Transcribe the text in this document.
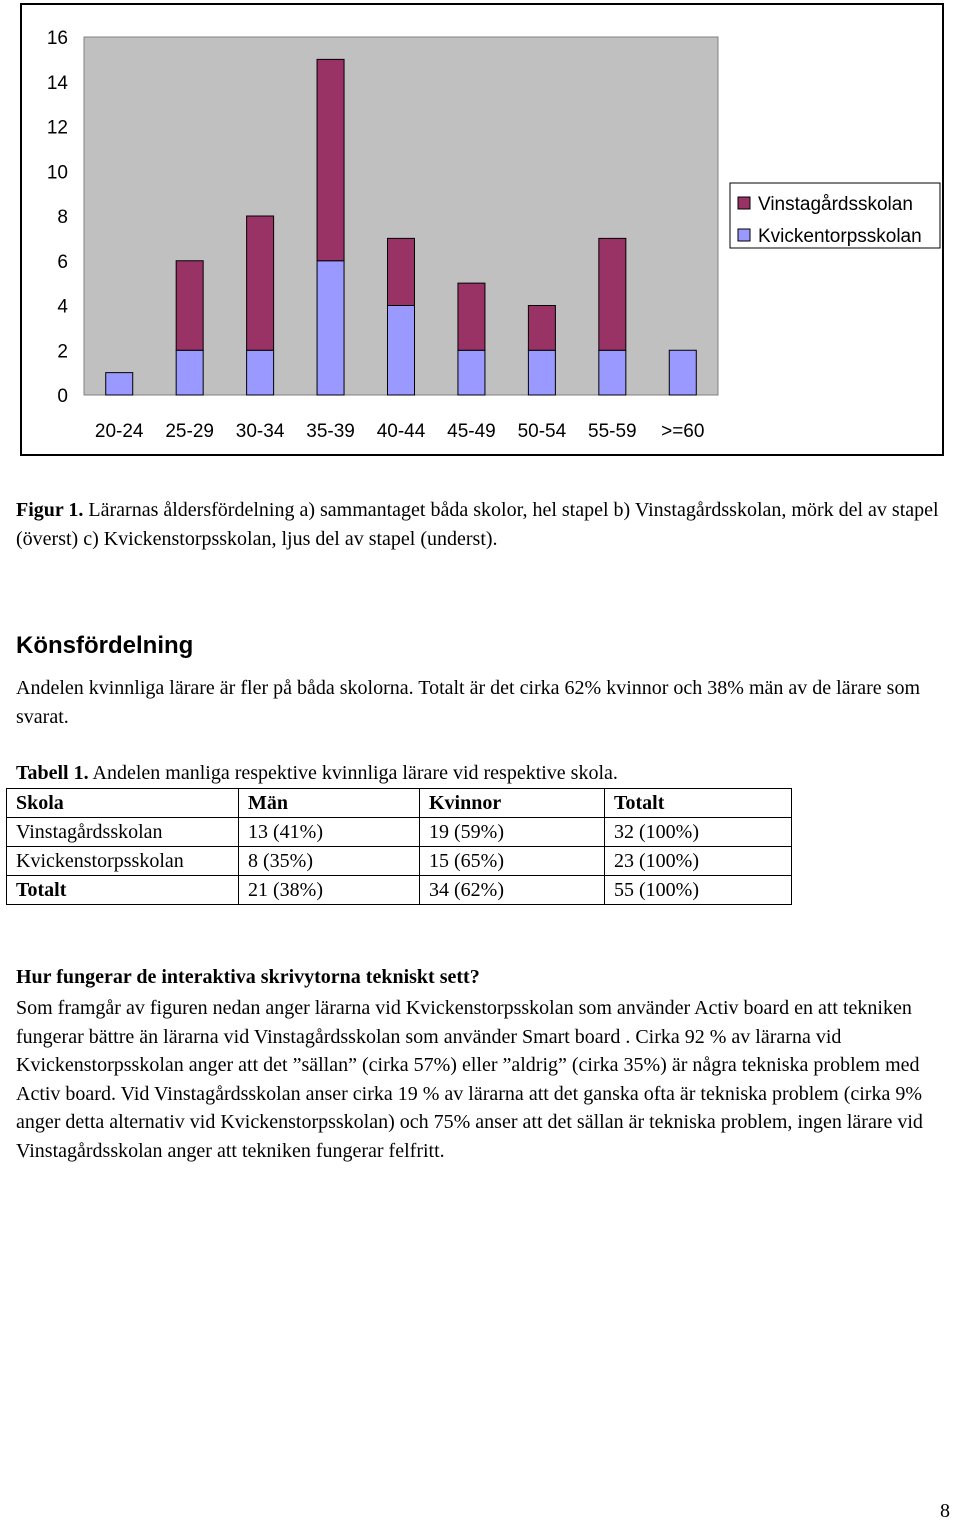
16
14
12
10
8
6
4
2
0
20-24 25-29 30-34 35-39 40-44 45-49 50-54 55-59 >=60
Vinstagårdsskolan
Kvickentorpsskolan
Figur 1. Lärarnas åldersfördelning a) sammantaget båda skolor, hel stapel b) Vinstagårdsskolan, mörk del av stapel (överst) c) Kvickenstorpsskolan, ljus del av stapel (underst).
Könsfördelning
Andelen kvinnliga lärare är fler på båda skolorna. Totalt är det cirka 62% kvinnor och 38% män av de lärare som svarat.
Tabell 1. Andelen manliga respektive kvinnliga lärare vid respektive skola.
Skola	Män	Kvinnor	Totalt
Vinstagårdsskolan	13 (41%)	19 (59%)	32 (100%)
Kvickenstorpsskolan	8 (35%)	15 (65%)	23 (100%)
Totalt	21 (38%)	34 (62%)	55 (100%)
Hur fungerar de interaktiva skrivytorna tekniskt sett?
Som framgår av figuren nedan anger lärarna vid Kvickenstorpsskolan som använder Activ board en att tekniken fungerar bättre än lärarna vid Vinstagårdsskolan som använder Smart board . Cirka 92 % av lärarna vid Kvickenstorpsskolan anger att det ”sällan” (cirka 57%) eller ”aldrig” (cirka 35%) är några tekniska problem med Activ board. Vid Vinstagårdsskolan anser cirka 19 % av lärarna att det ganska ofta är tekniska problem (cirka 9% anger detta alternativ vid Kvickenstorpsskolan) och 75% anser att det sällan är tekniska problem, ingen lärare vid Vinstagårdsskolan anger att tekniken fungerar felfritt.
8
